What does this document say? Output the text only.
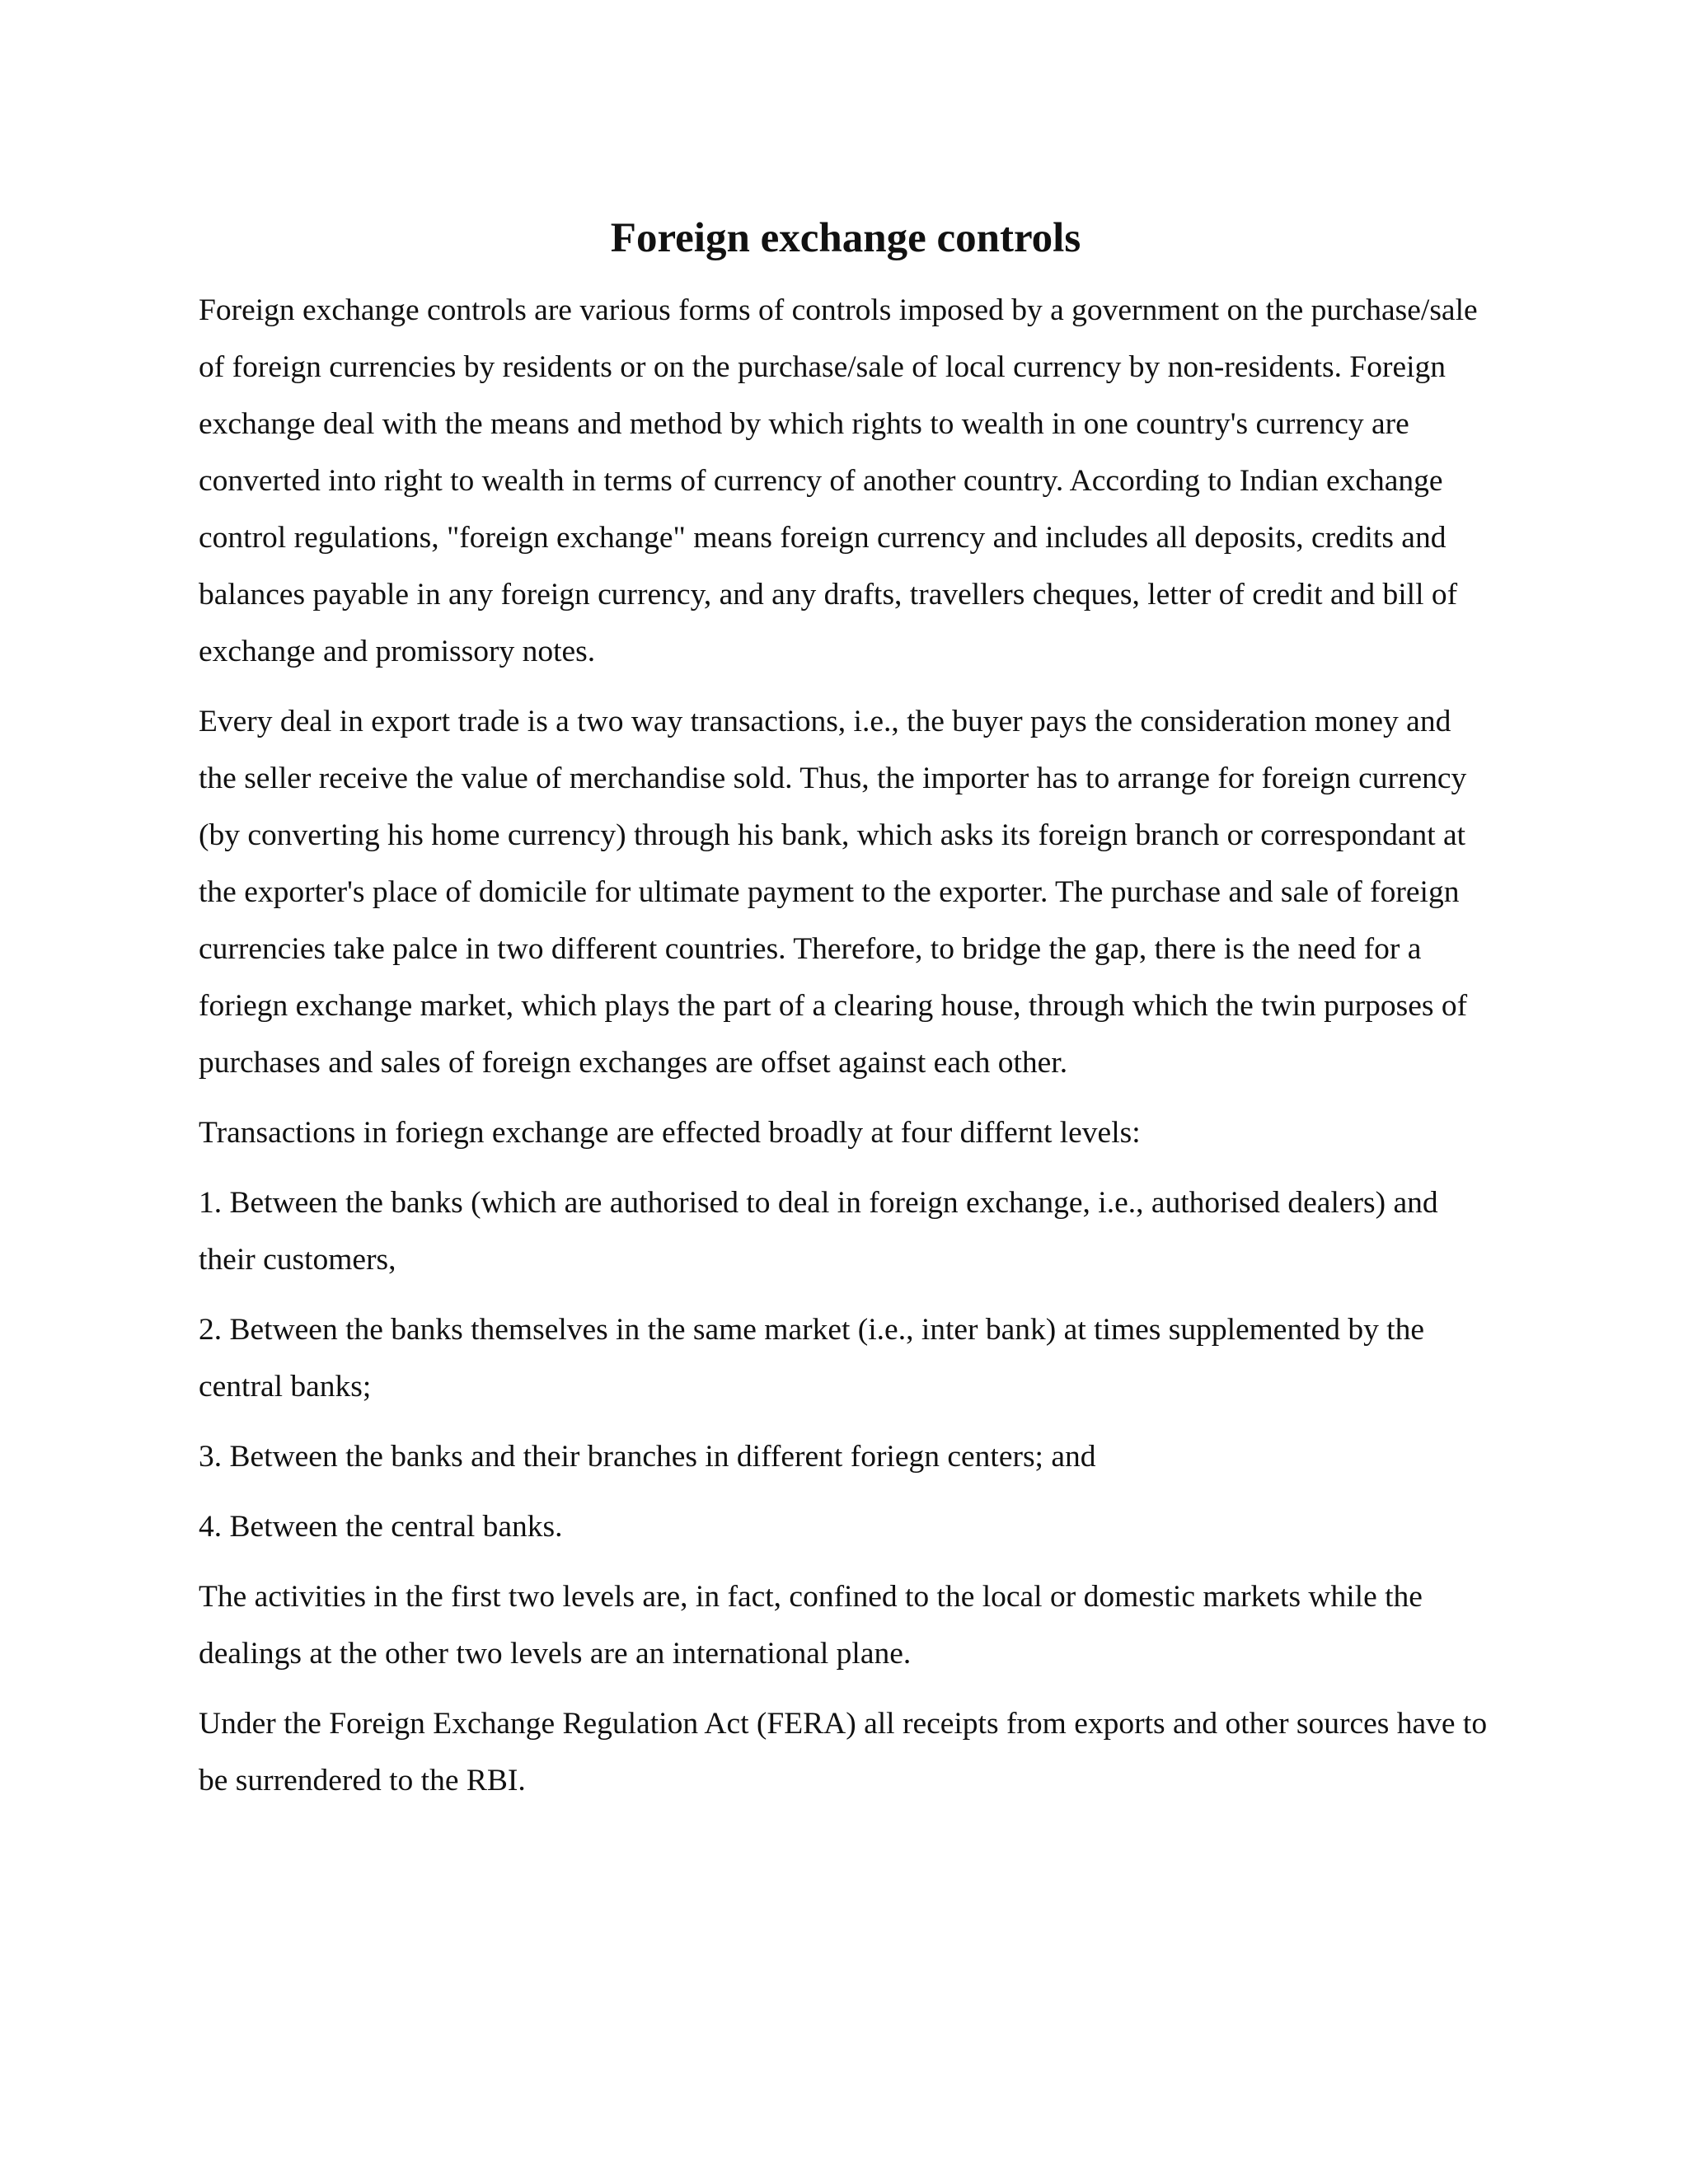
Foreign exchange controls

Foreign exchange controls are various forms of controls imposed by a government on the purchase/sale of foreign currencies by residents or on the purchase/sale of local currency by non-residents. Foreign exchange deal with the means and method by which rights to wealth in one country's currency are converted into right to wealth in terms of currency of another country. According to Indian exchange control regulations, "foreign exchange" means foreign currency and includes all deposits, credits and balances payable in any foreign currency, and any drafts, travellers cheques, letter of credit and bill of exchange and promissory notes.

Every deal in export trade is a two way transactions, i.e., the buyer pays the consideration money and the seller receive the value of merchandise sold. Thus, the importer has to arrange for foreign currency (by converting his home currency) through his bank, which asks its foreign branch or correspondant at the exporter's place of domicile for ultimate payment to the exporter. The purchase and sale of foreign currencies take palce in two different countries. Therefore, to bridge the gap, there is the need for a foriegn exchange market, which plays the part of a clearing house, through which the twin purposes of purchases and sales of foreign exchanges are offset against each other.

Transactions in foriegn exchange are effected broadly at four differnt levels:

1. Between the banks (which are authorised to deal in foreign exchange, i.e., authorised dealers) and their customers,

2. Between the banks themselves in the same market (i.e., inter bank) at times supplemented by the central banks;

3. Between the banks and their branches in different foriegn centers; and

4. Between the central banks.

The activities in the first two levels are, in fact, confined to the local or domestic markets while the dealings at the other two levels are an international plane.

Under the Foreign Exchange Regulation Act (FERA) all receipts from exports and other sources have to be surrendered to the RBI.
